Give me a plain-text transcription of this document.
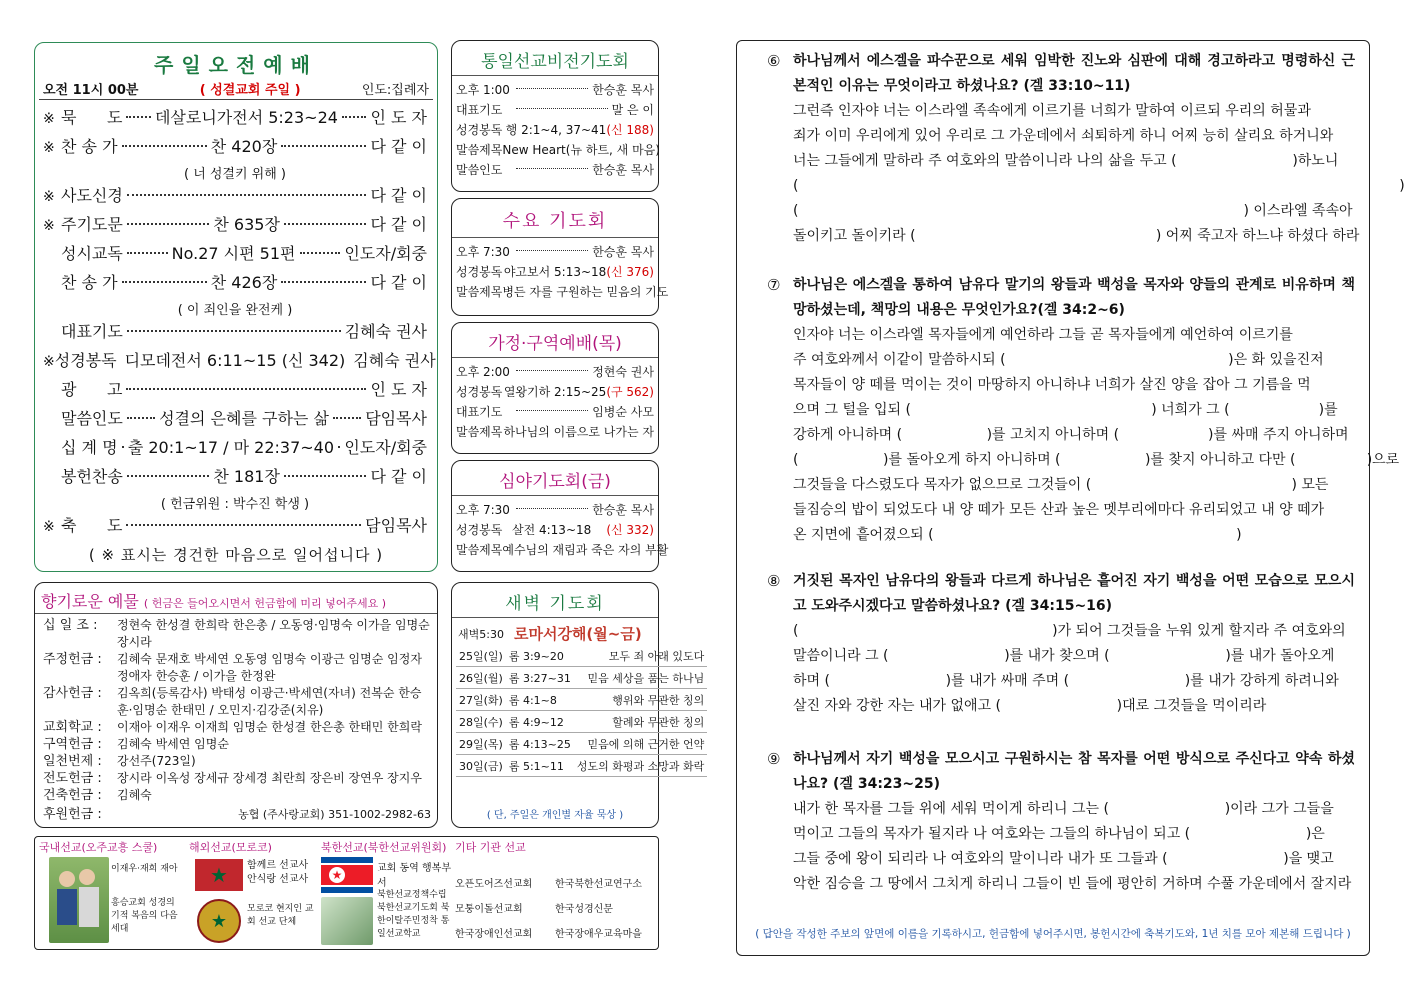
주일오전예배
오전 11시 00분	( 성결교회 주일 )	인도:집례자
※ 묵      도 데살로니가전서 5:23~24 인 도 자
※ 찬 송 가	찬 420장	다 같 이
( 너 성결키 위해 )
※ 사도신경	다 같 이
※ 주기도문	찬 635장	다 같 이
성시교독	No.27 시편 51편	인도자/회중
찬 송 가	찬 426장	다 같 이
( 이 죄인을 완전케 )
대표기도	김혜숙 권사
※ 성경봉독 디모데전서 6:11~15 (신 342) 김혜숙 권사
광      고	인 도 자
말씀인도 성결의 은혜를 구하는 삶 담임목사
십 계 명 출 20:1~17 / 마 22:37~40 인도자/회중
봉헌찬송	찬 181장	다 같 이
( 헌금위원 : 박수진 학생 )
※ 축      도	담임목사
( ※ 표시는 경건한 마음으로 일어섭니다 )
통일선교비전기도회
오후 1:00	한승훈 목사
대표기도	말 은 이
성경봉독 행 2:1~4, 37~41 (신 188)
말씀제목 New Heart(뉴 하트, 새 마음)
말씀인도	한승훈 목사
수요 기도회
오후 7:30	한승훈 목사
성경봉독 야고보서 5:13~18 (신 376)
말씀제목 병든 자를 구원하는 믿음의 기도
가정·구역예배(목)
오후 2:00	정현숙 권사
성경봉독 열왕기하 2:15~25 (구 562)
대표기도	임병순 사모
말씀제목 하나님의 이름으로 나가는 자
심야기도회(금)
오후 7:30	한승훈 목사
성경봉독 살전 4:13~18 (신 332)
말씀제목 예수님의 재림과 죽은 자의 부활
향기로운 예물 ( 헌금은 들어오시면서 헌금함에 미리 넣어주세요 )
십 일 조 :	정현숙 한성결 한희락 한은총 / 오동영·임명숙 이가을 임명순 장시라
주정헌금 :	김혜숙 문재호 박세연 오동영 임명숙 이광근 임명순 임정자 정애자 한승훈 / 이가을 한정완
감사헌금 :	김옥희(등록감사) 박태성 이광근·박세연(자녀) 전복순 한승훈·임명순 한태민 / 오민지·김강준(치유)
교회학교 :	이재아 이재우 이재희 임명순 한성결 한은총 한태민 한희락
구역헌금 :	김혜숙 박세연 임명순
일천번제 :	강선주(723일)
전도헌금 :	장시라 이옥성 장세규 장세경 최란희 장은비 장연우 장지우
건축헌금 :	김혜숙
후원헌금 :	농협 (주사랑교회) 351-1002-2982-63
새벽 기도회
새벽5:30 로마서강해(월~금)
25일(일)	롬 3:9~20	모두 죄 아래 있도다
26일(월)	롬 3:27~31	믿음 세상을 품는 하나님
27일(화)	롬 4:1~8	행위와 무관한 칭의
28일(수)	롬 4:9~12	할례와 무관한 칭의
29일(목)	롬 4:13~25	믿음에 의해 근거한 언약
30일(금)	롬 5:1~11	성도의 화평과 소망과 화락
( 단, 주일은 개인별 자율 묵상 )
국내선교(오주교흥 스쿨)
이재우·재희 재아
흥승교회 성경의 기적 복음의 다음세대
해외선교(모로코)
★
★
함께르 선교사 안식랑 선교사
모로코 현지인 교회 선교 단체
북한선교(북한선교위원회)
★	교회 동역 행복부서
북한선교정책수립 북한선교기도회 북한이탈주민정착 통일선교학교
기타 기관 선교
오픈도어즈선교회	한국북한선교연구소
모퉁이돌선교회	한국성경신문
한국장애인선교회	한국장애우교육마을
⑥ 하나님께서 에스겔을 파수꾼으로 세워 임박한 진노와 심판에 대해 경고하라고 명령하신 근본적인 이유는 무엇이라고 하셨나요? (겔 33:10~11)
그런즉 인자야 너는 이스라엘 족속에게 이르기를 너희가 말하여 이르되 우리의 허물과
죄가 이미 우리에게 있어 우리로 그 가운데에서 쇠퇴하게 하니 어찌 능히 살리요 하거니와
너는 그들에게 말하라 주 여호와의 말씀이니라 나의 삶을 두고 (                          )하노니
(                                                                                                                                       )
(                                                                                                    ) 이스라엘 족속아
돌이키고 돌이키라 (                                                      ) 어찌 죽고자 하느냐 하셨다 하라
⑦ 하나님은 에스겔을 통하여 남유다 말기의 왕들과 백성을 목자와 양들의 관계로 비유하며 책망하셨는데, 책망의 내용은 무엇인가요?(겔 34:2~6)
인자야 너는 이스라엘 목자들에게 예언하라 그들 곧 목자들에게 예언하여 이르기를
주 여호와께서 이같이 말씀하시되 (                                                  )은 화 있을진저
목자들이 양 떼를 먹이는 것이 마땅하지 아니하냐 너희가 살진 양을 잡아 그 기름을 먹
으며 그 털을 입되 (                                                      ) 너희가 그 (                    )를
강하게 아니하며 (                   )를 고치지 아니하며 (                    )를 싸매 주지 아니하며
(                   )를 돌아오게 하지 아니하며 (                   )를 찾지 아니하고 다만 (                )으로
그것들을 다스렸도다 목자가 없으므로 그것들이 (                                             ) 모든
들짐승의 밥이 되었도다 내 양 떼가 모든 산과 높은 멧부리에마다 유리되었고 내 양 떼가
온 지면에 흩어졌으되 (                                                                    )
⑧ 거짓된 목자인 남유다의 왕들과 다르게 하나님은 흩어진 자기 백성을 어떤 모습으로 모으시고 도와주시겠다고 말씀하셨나요? (겔 34:15~16)
(                                                         )가 되어 그것들을 누워 있게 할지라 주 여호와의
말씀이니라 그 (                          )를 내가 찾으며 (                          )를 내가 돌아오게
하며 (                          )를 내가 싸매 주며 (                          )를 내가 강하게 하려니와
살진 자와 강한 자는 내가 없애고 (                          )대로 그것들을 먹이리라
⑨ 하나님께서 자기 백성을 모으시고 구원하시는 참 목자를 어떤 방식으로 주신다고 약속 하셨나요? (겔 34:23~25)
내가 한 목자를 그들 위에 세워 먹이게 하리니 그는 (                          )이라 그가 그들을
먹이고 그들의 목자가 될지라 나 여호와는 그들의 하나님이 되고 (                          )은
그들 중에 왕이 되리라 나 여호와의 말이니라 내가 또 그들과 (                          )을 맺고
악한 짐승을 그 땅에서 그치게 하리니 그들이 빈 들에 평안히 거하며 수풀 가운데에서 잘지라
( 답안을 작성한 주보의 앞면에 이름을 기록하시고, 헌금함에 넣어주시면, 봉헌시간에 축복기도와, 1년 치를 모아 제본해 드립니다 )
